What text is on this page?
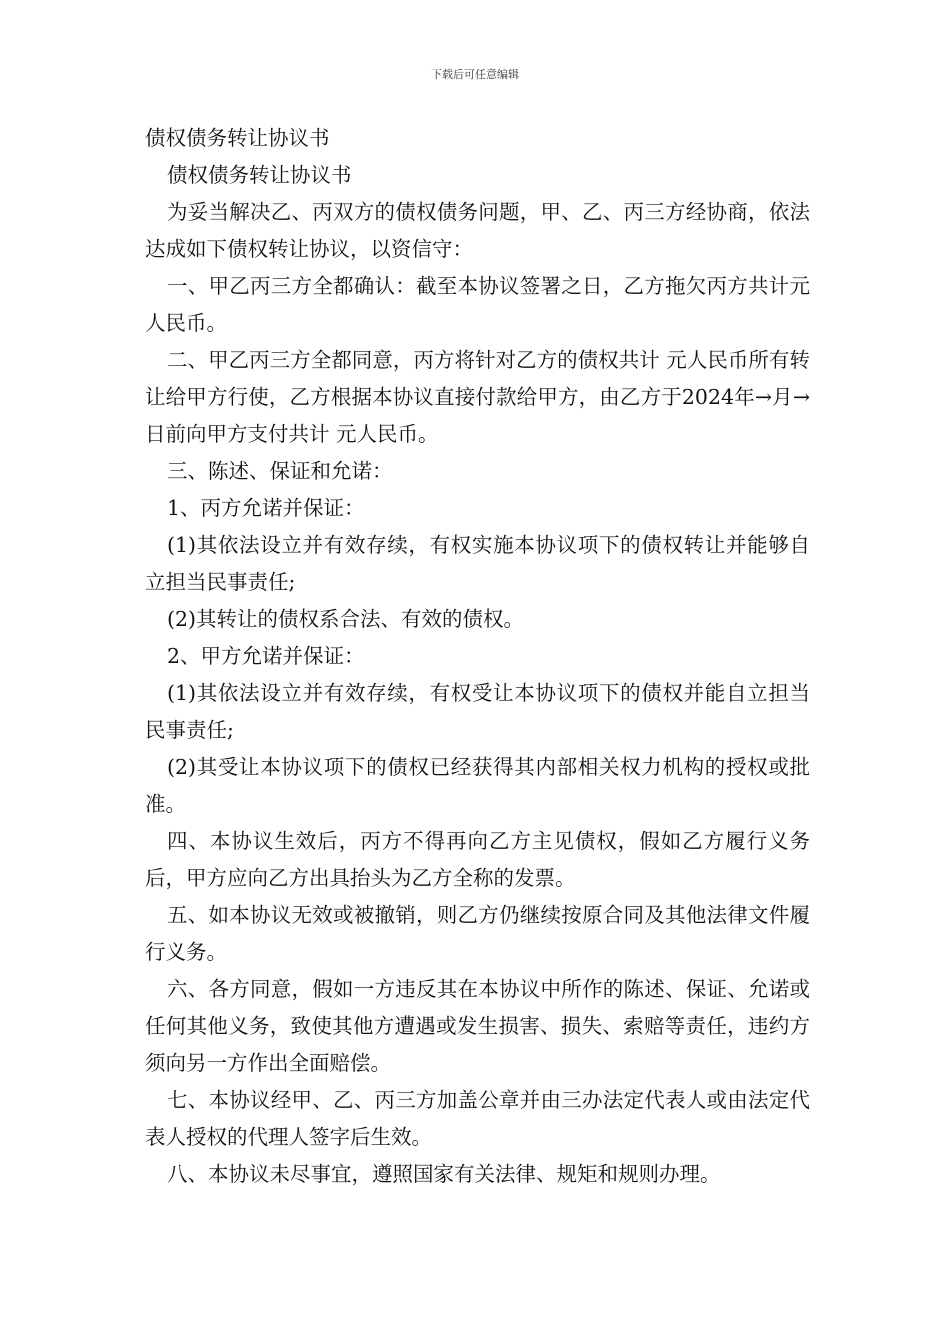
下载后可任意编辑

债权债务转让协议书

债权债务转让协议书

为妥当解决乙、丙双方的债权债务问题，甲、乙、丙三方经协商，依法达成如下债权转让协议，以资信守：

一、甲乙丙三方全都确认：截至本协议签署之日，乙方拖欠丙方共计元人民币。

二、甲乙丙三方全都同意，丙方将针对乙方的债权共计 元人民币所有转让给甲方行使，乙方根据本协议直接付款给甲方，由乙方于2024年→月→日前向甲方支付共计 元人民币。

三、陈述、保证和允诺：

1、丙方允诺并保证：

(1)其依法设立并有效存续，有权实施本协议项下的债权转让并能够自立担当民事责任;

(2)其转让的债权系合法、有效的债权。

2、甲方允诺并保证：

(1)其依法设立并有效存续，有权受让本协议项下的债权并能自立担当民事责任;

(2)其受让本协议项下的债权已经获得其内部相关权力机构的授权或批准。

四、本协议生效后，丙方不得再向乙方主见债权，假如乙方履行义务后，甲方应向乙方出具抬头为乙方全称的发票。

五、如本协议无效或被撤销，则乙方仍继续按原合同及其他法律文件履行义务。

六、各方同意，假如一方违反其在本协议中所作的陈述、保证、允诺或任何其他义务，致使其他方遭遇或发生损害、损失、索赔等责任，违约方须向另一方作出全面赔偿。

七、本协议经甲、乙、丙三方加盖公章并由三办法定代表人或由法定代表人授权的代理人签字后生效。

八、本协议未尽事宜，遵照国家有关法律、规矩和规则办理。
